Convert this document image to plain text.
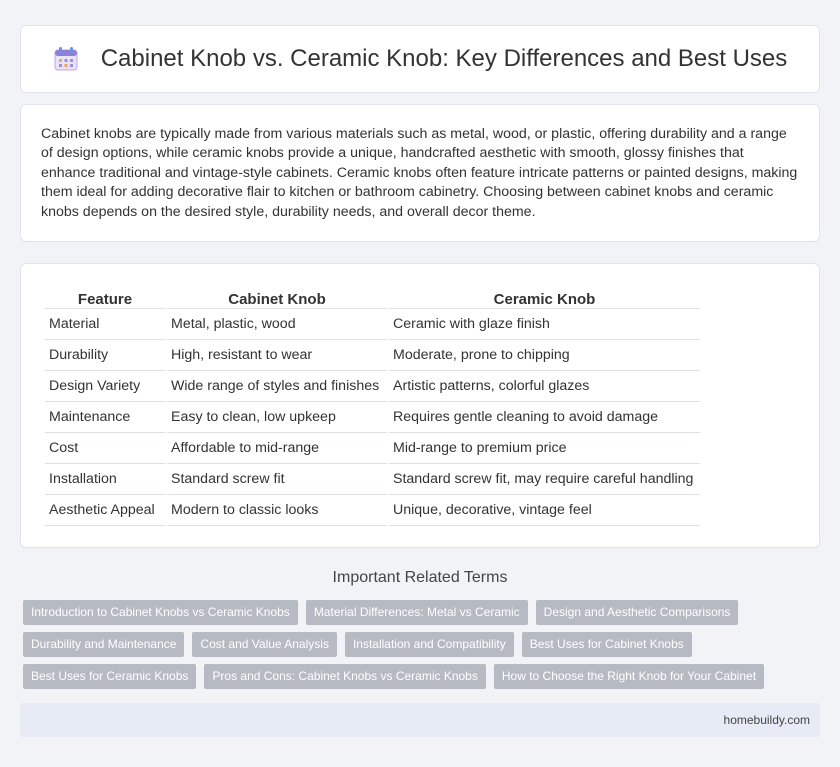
Cabinet Knob vs. Ceramic Knob: Key Differences and Best Uses

Cabinet knobs are typically made from various materials such as metal, wood, or plastic, offering durability and a range of design options, while ceramic knobs provide a unique, handcrafted aesthetic with smooth, glossy finishes that enhance traditional and vintage-style cabinets. Ceramic knobs often feature intricate patterns or painted designs, making them ideal for adding decorative flair to kitchen or bathroom cabinetry. Choosing between cabinet knobs and ceramic knobs depends on the desired style, durability needs, and overall decor theme.

Feature	Cabinet Knob	Ceramic Knob
Material	Metal, plastic, wood	Ceramic with glaze finish
Durability	High, resistant to wear	Moderate, prone to chipping
Design Variety	Wide range of styles and finishes	Artistic patterns, colorful glazes
Maintenance	Easy to clean, low upkeep	Requires gentle cleaning to avoid damage
Cost	Affordable to mid-range	Mid-range to premium price
Installation	Standard screw fit	Standard screw fit, may require careful handling
Aesthetic Appeal	Modern to classic looks	Unique, decorative, vintage feel
Important Related Terms
Introduction to Cabinet Knobs vs Ceramic Knobs	Material Differences: Metal vs Ceramic	Design and Aesthetic Comparisons
Durability and Maintenance	Cost and Value Analysis	Installation and Compatibility	Best Uses for Cabinet Knobs
Best Uses for Ceramic Knobs	Pros and Cons: Cabinet Knobs vs Ceramic Knobs	How to Choose the Right Knob for Your Cabinet
homebuildy.com
